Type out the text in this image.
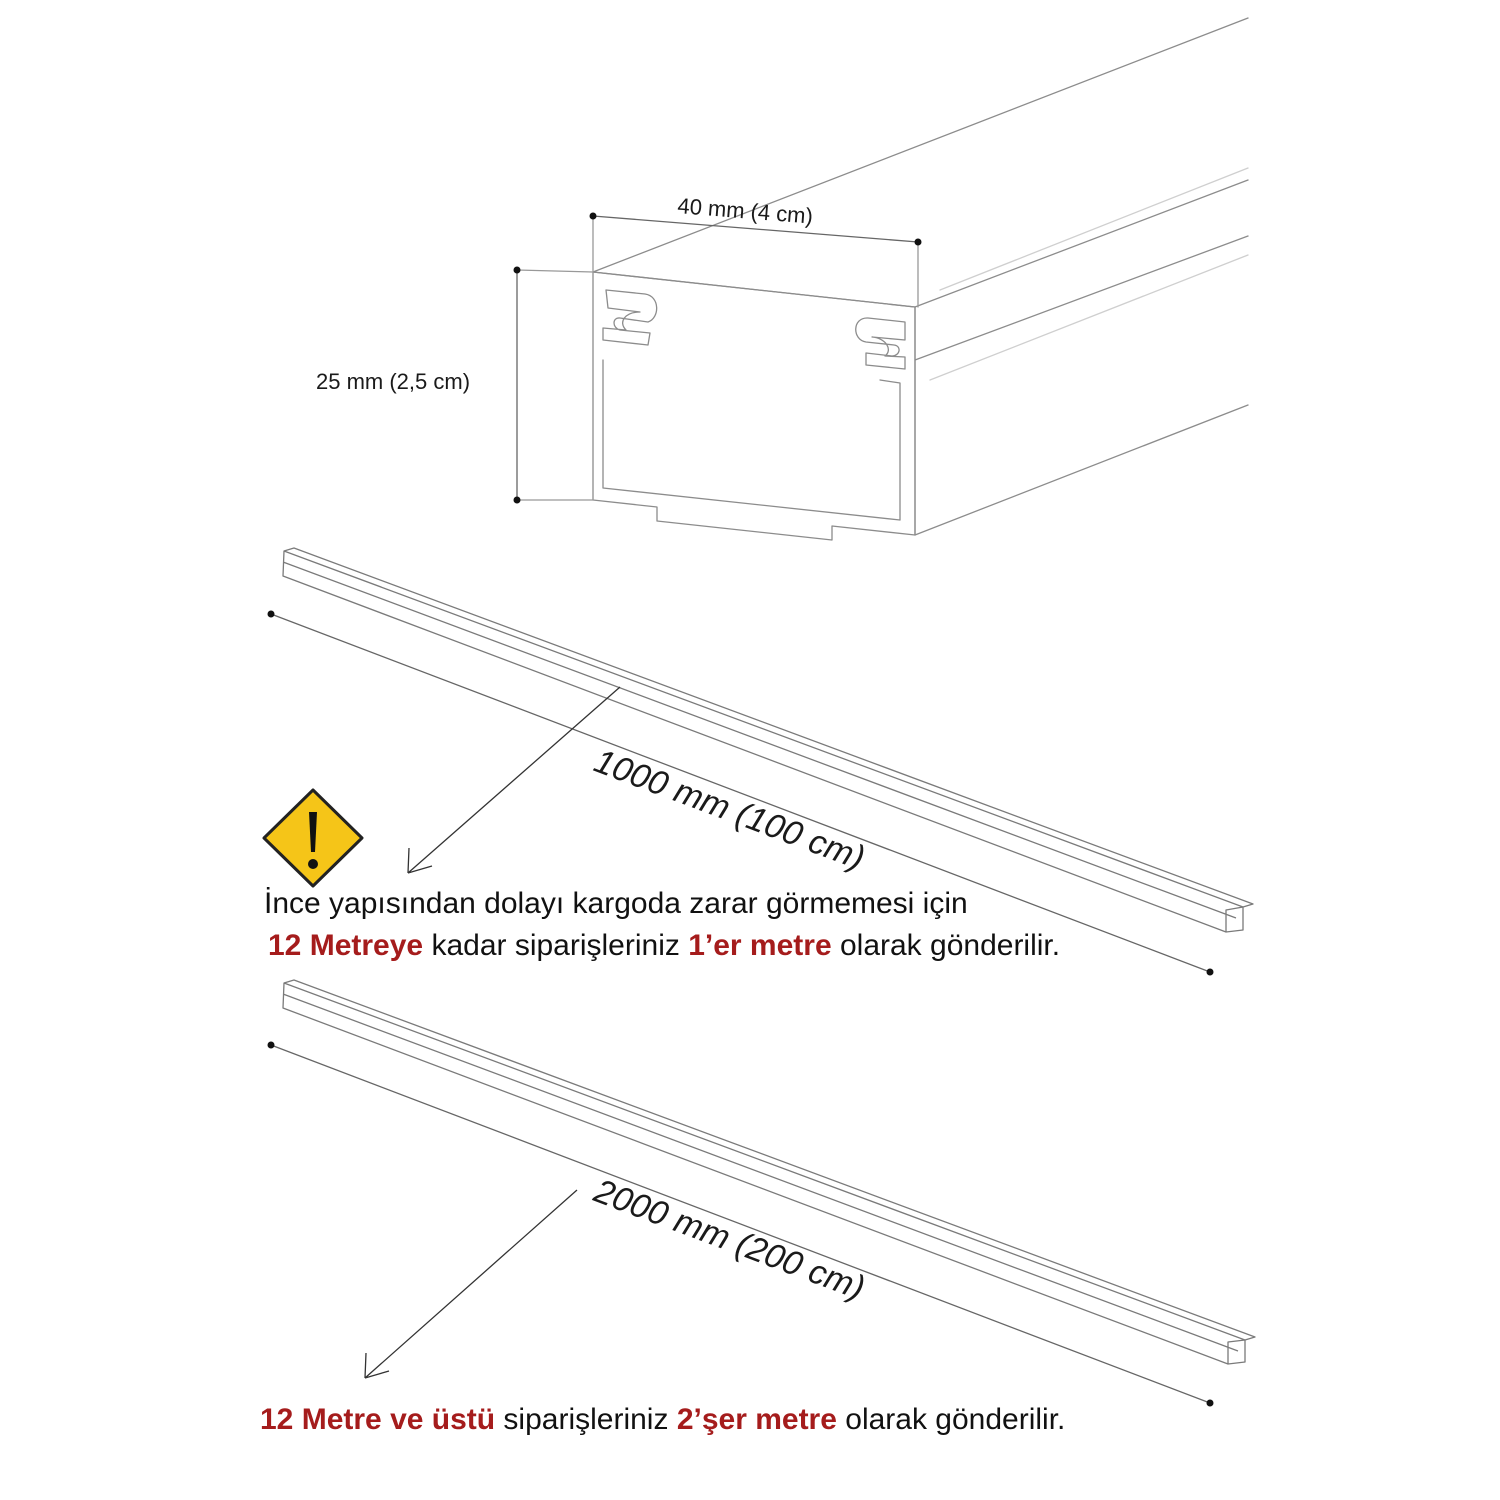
40 mm (4 cm)
25 mm (2,5 cm)
1000 mm (100 cm)
2000 mm (200 cm)
İnce yapısından dolayı kargoda zarar görmemesi için
12 Metreye kadar siparişleriniz 1’er metre olarak gönderilir.
12 Metre ve üstü siparişleriniz 2’şer metre olarak gönderilir.
